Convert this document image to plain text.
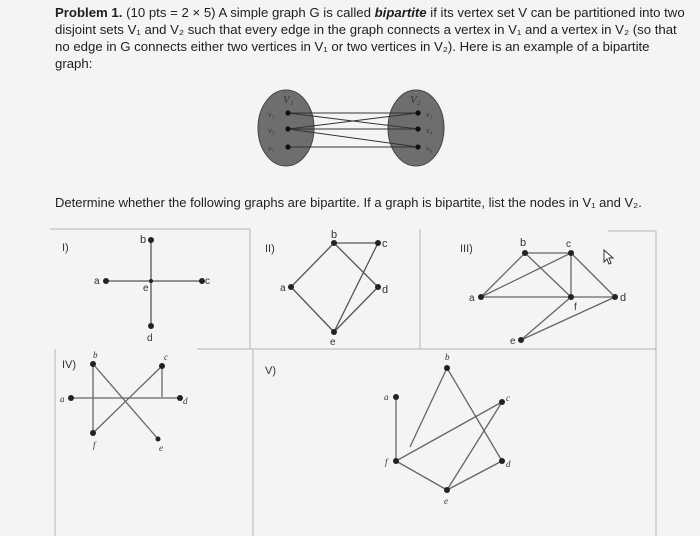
Problem 1. (10 pts = 2 × 5) A simple graph G is called bipartite if its vertex set V can be partitioned into two disjoint sets V₁ and V₂ such that every edge in the graph connects a vertex in V₁ and a vertex in V₂ (so that no edge in G connects either two vertices in V₁ or two vertices in V₂). Here is an example of a bipartite graph:
Determine whether the following graphs are bipartite. If a graph is bipartite, list the nodes in V₁ and V₂.
V₁	V₂
v₁
v₃
v₅
v₂
v₄
v₆
I)
a
b
c
d
e
II)
a
b
c
d
e
III)
a
b	c
d
e
f
IV)
a
b	c
d
e
f
V)
a
b
c
d
e
f
